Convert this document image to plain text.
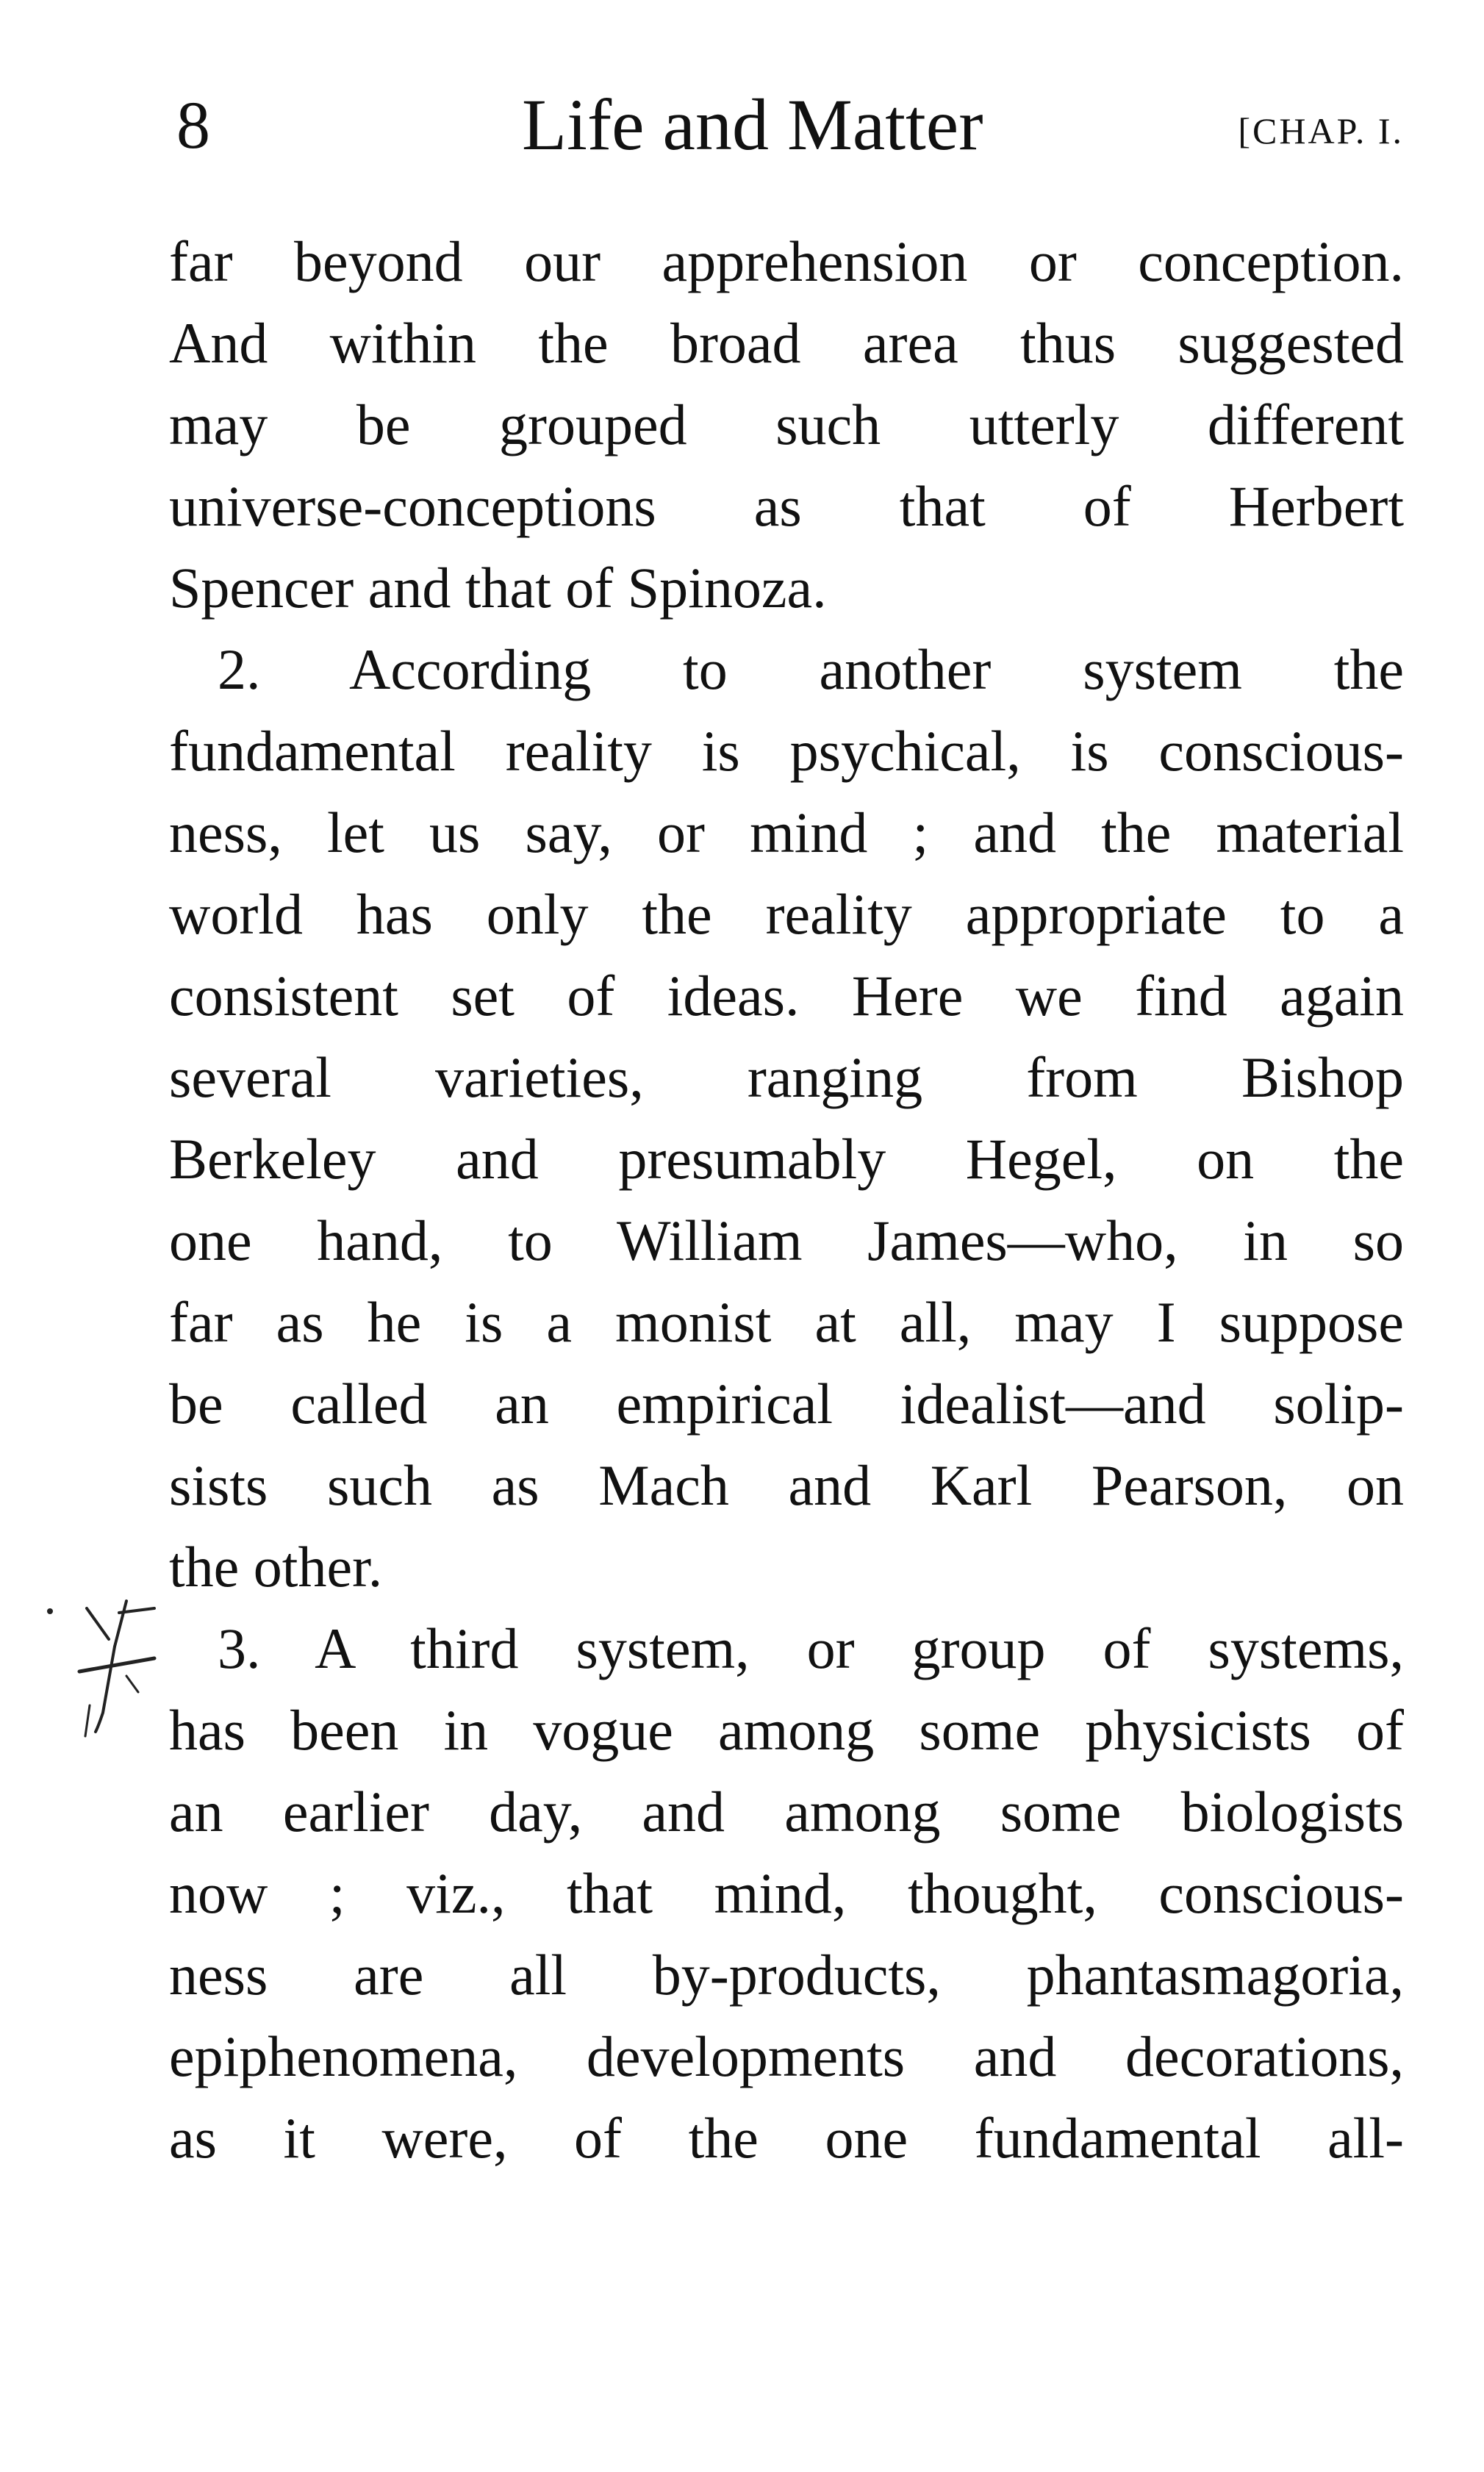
8	Life and Matter	[CHAP. I.
far beyond our apprehension or conception.
And within the broad area thus suggested
may be grouped such utterly different
universe-conceptions as that of Herbert
Spencer and that of Spinoza.
2. According to another system the
fundamental reality is psychical, is conscious-
ness, let us say, or mind ; and the material
world has only the reality appropriate to a
consistent set of ideas. Here we find again
several varieties, ranging from Bishop
Berkeley and presumably Hegel, on the
one hand, to William James—who, in so
far as he is a monist at all, may I suppose
be called an empirical idealist—and solip-
sists such as Mach and Karl Pearson, on
the other.
3. A third system, or group of systems,
has been in vogue among some physicists of
an earlier day, and among some biologists
now ; viz., that mind, thought, conscious-
ness are all by-products, phantasmagoria,
epiphenomena, developments and decorations,
as it were, of the one fundamental all-
